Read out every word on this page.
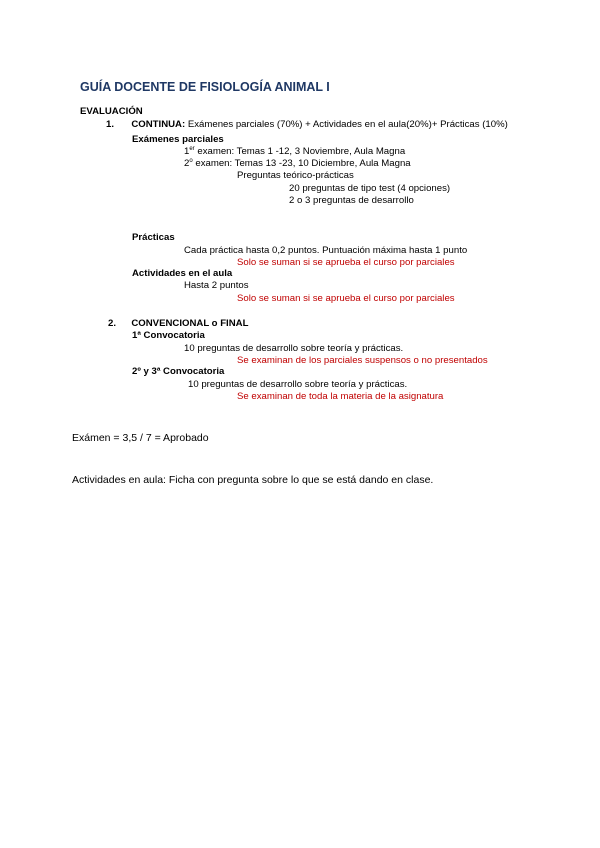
GUÍA DOCENTE DE FISIOLOGÍA ANIMAL I
EVALUACIÓN
1. CONTINUA: Exámenes parciales (70%) + Actividades en el aula(20%)+ Prácticas (10%)
Exámenes parciales
1er examen: Temas 1 -12, 3 Noviembre, Aula Magna
2$^o$ examen: Temas 13 -23, 10 Diciembre, Aula Magna
Preguntas teórico-prácticas
20 preguntas de tipo test (4 opciones)
2 o 3 preguntas de desarrollo
Prácticas
Cada práctica hasta 0,2 puntos. Puntuación máxima hasta 1 punto
Solo se suman si se aprueba el curso por parciales
Actividades en el aula
Hasta 2 puntos
Solo se suman si se aprueba el curso por parciales
2. CONVENCIONAL o FINAL
1ª Convocatoria
10 preguntas de desarrollo sobre teoría y prácticas.
Se examinan de los parciales suspensos o no presentados
2º y 3ª Convocatoria
10 preguntas de desarrollo sobre teoría y prácticas.
Se examinan de toda la materia de la asignatura
Exámen = 3,5 / 7 = Aprobado
Actividades en aula: Ficha con pregunta sobre lo que se está dando en clase.
